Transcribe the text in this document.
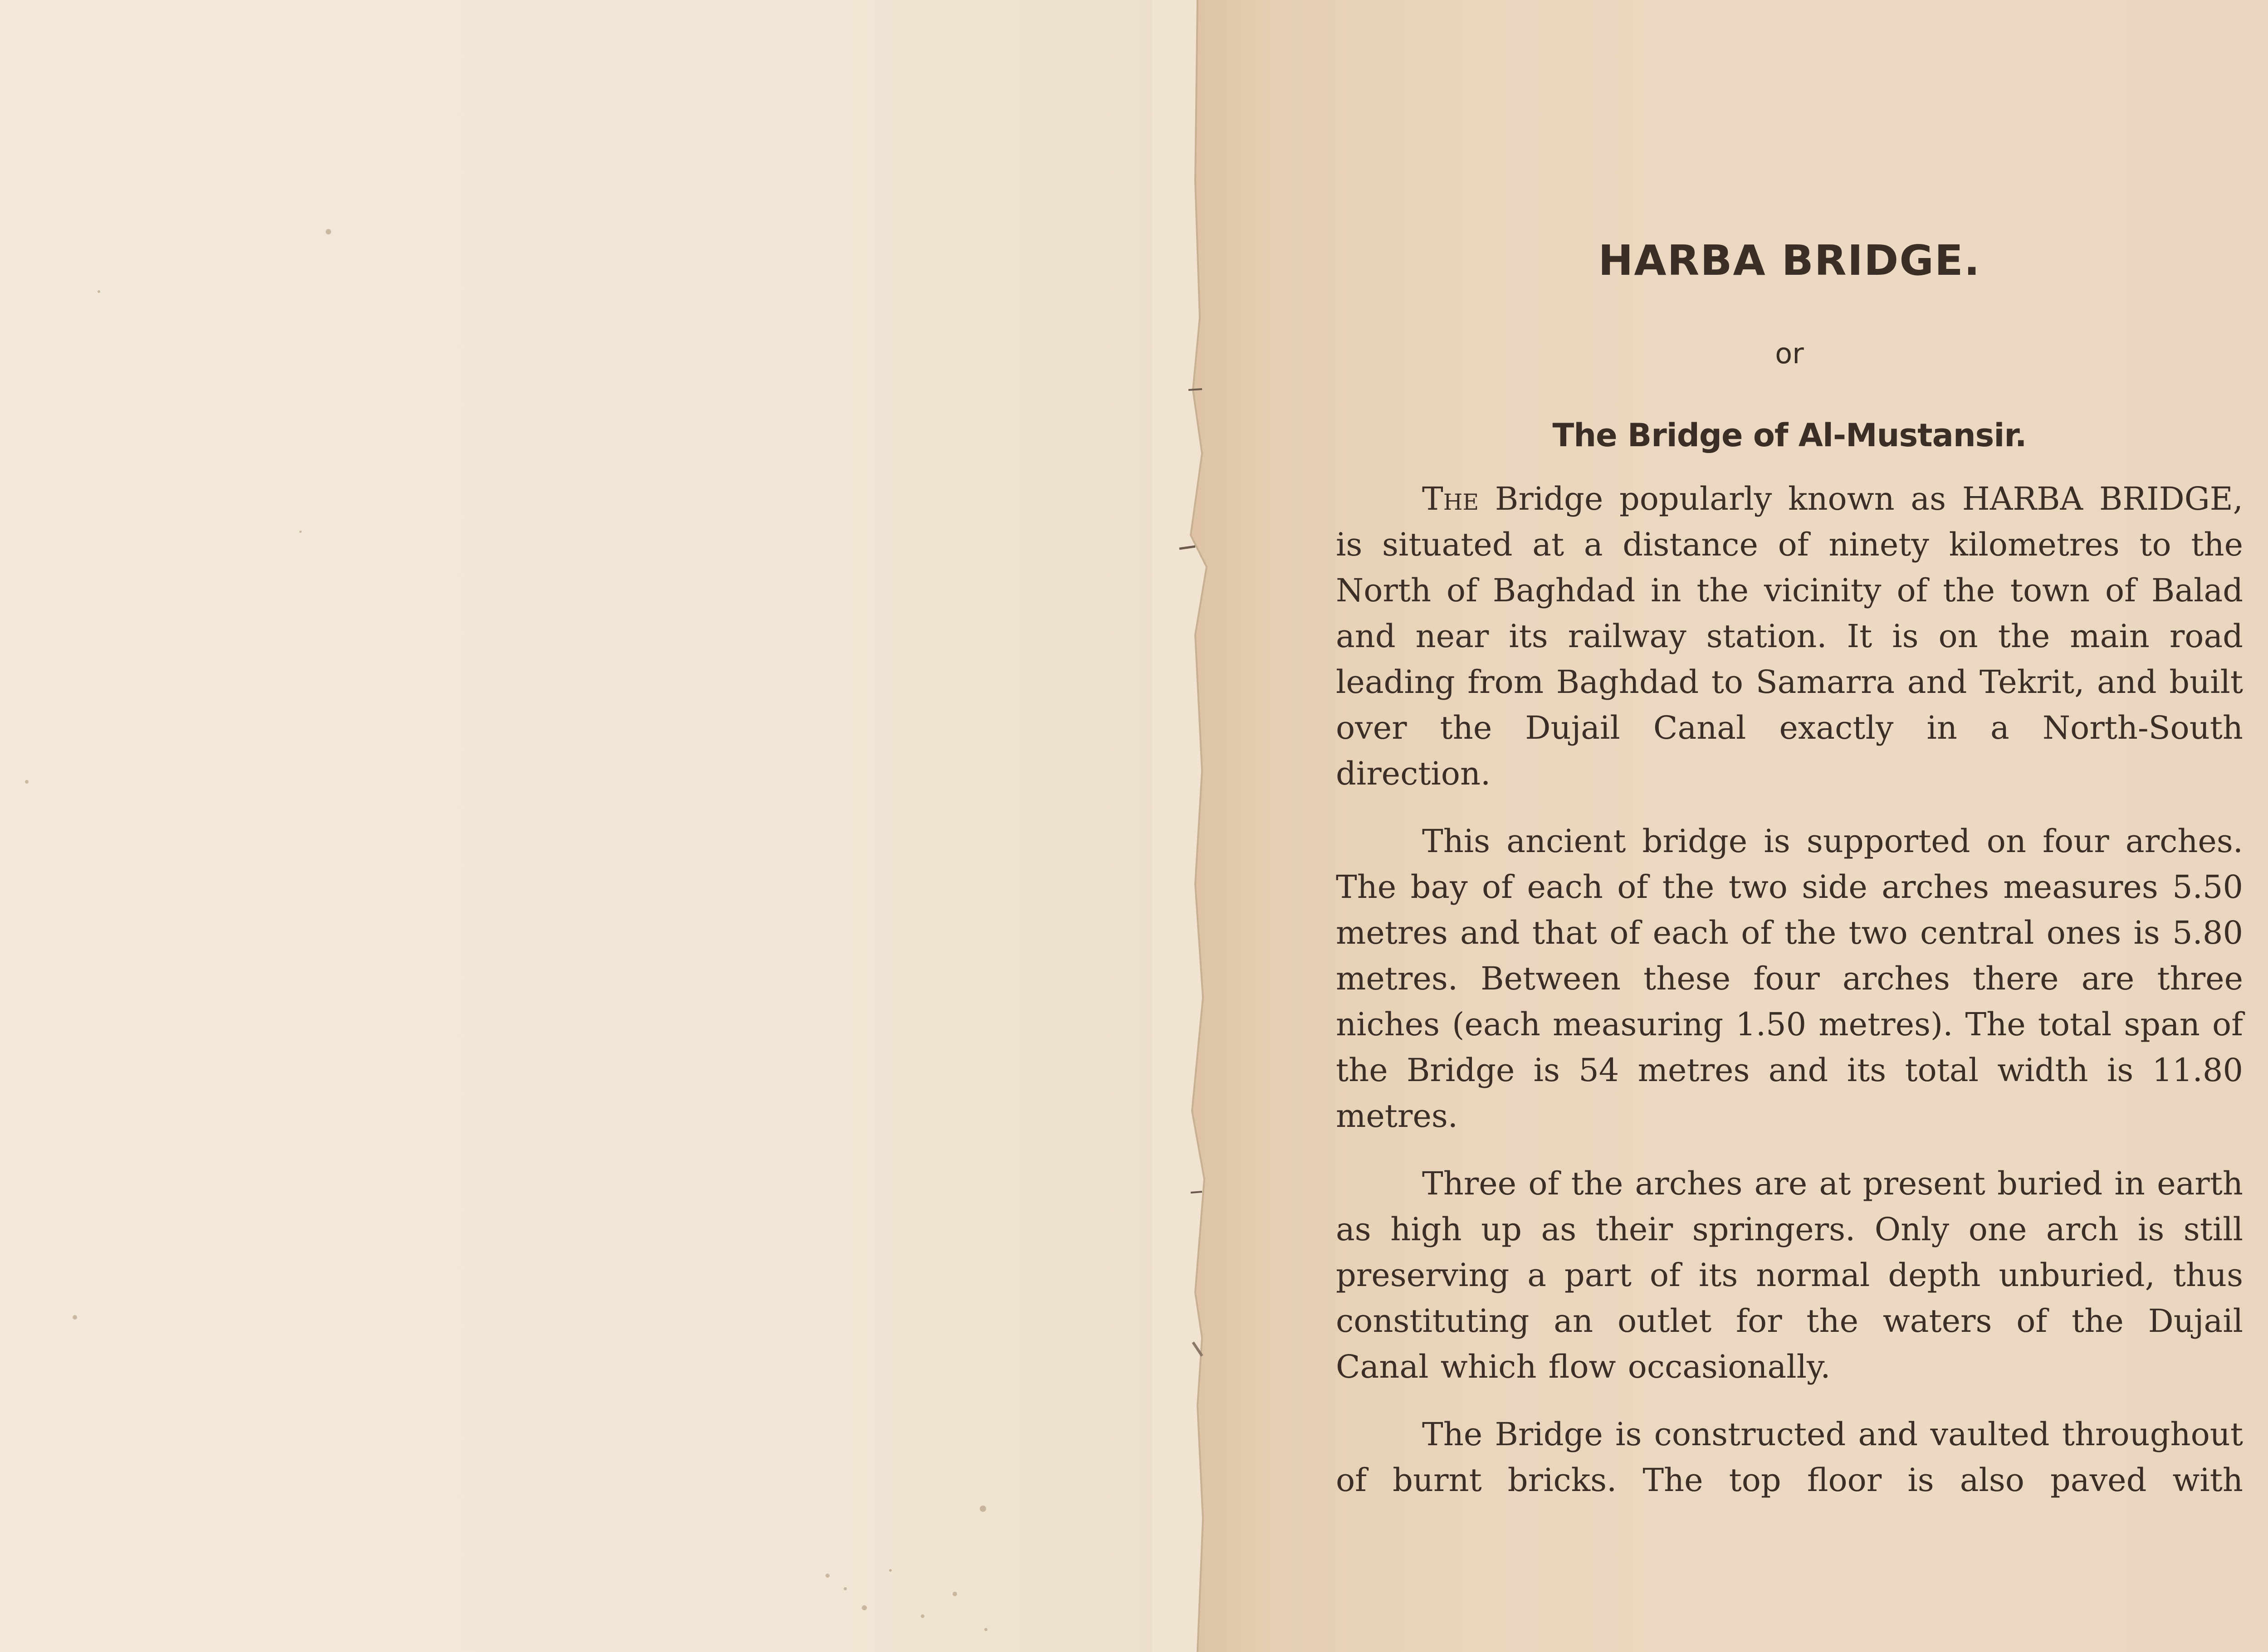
HARBA BRIDGE.
or
The Bridge of Al-Mustansir.

The Bridge popularly known as HARBA BRIDGE, is situated at a distance of ninety kilometres to the North of Baghdad in the vicinity of the town of Balad and near its railway station. It is on the main road leading from Baghdad to Samarra and Tekrit, and built over the Dujail Canal exactly in a North-South direction.

This ancient bridge is supported on four arches. The bay of each of the two side arches measures 5.50 metres and that of each of the two central ones is 5.80 metres. Between these four arches there are three niches (each measuring 1.50 metres). The total span of the Bridge is 54 metres and its total width is 11.80 metres.

Three of the arches are at present buried in earth as high up as their springers. Only one arch is still preserving a part of its normal depth unburied, thus constituting an outlet for the waters of the Dujail Canal which flow occasionally.

The Bridge is constructed and vaulted throughout of burnt bricks. The top floor is also paved with
